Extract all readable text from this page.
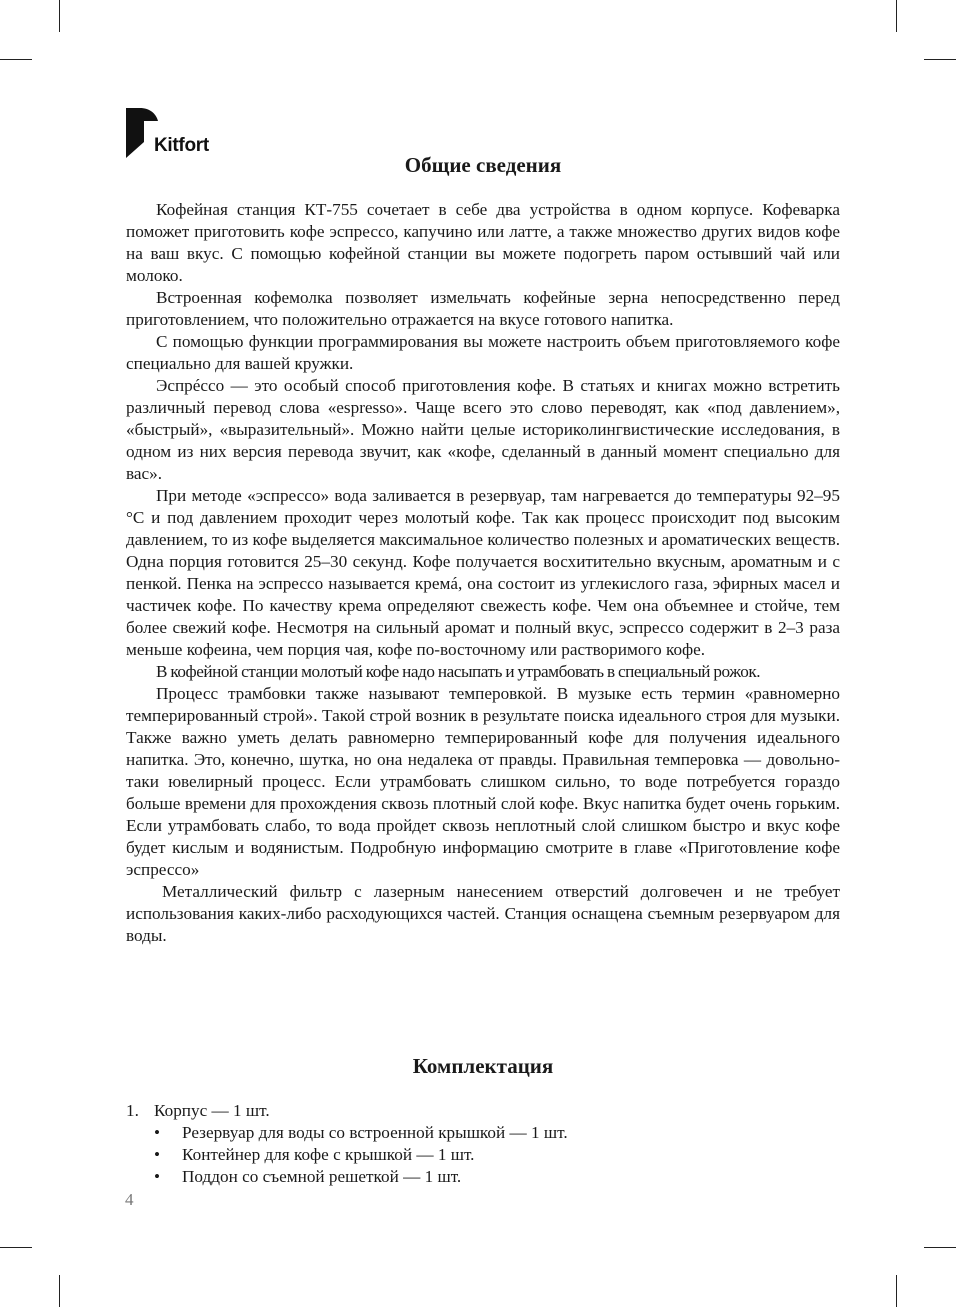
Kitfort
Общие сведения

Кофейная станция КТ-755 сочетает в себе два устройства в одном корпусе. Кофеварка поможет приготовить кофе эспрессо, капучино или латте, а также множество других видов кофе на ваш вкус. С помощью кофейной станции вы можете подогреть паром остывший чай или молоко.

Встроенная кофемолка позволяет измельчать кофейные зерна непосредственно перед приготовлением, что положительно отражается на вкусе готового напитка.

С помощью функции программирования вы можете настроить объем приготовляемого кофе специально для вашей кружки.

Эспрéссо — это особый способ приготовления кофе. В статьях и книгах можно встретить различный перевод слова «espresso». Чаще всего это слово переводят, как «под давлением», «быстрый», «выразительный». Можно найти целые историколингвистические исследования, в одном из них версия перевода звучит, как «кофе, сделанный в данный момент специально для вас».

При методе «эспрессо» вода заливается в резервуар, там нагревается до температуры 92–95 °С и под давлением проходит через молотый кофе. Так как процесс происходит под высоким давлением, то из кофе выделяется максимальное количество полезных и ароматических веществ. Одна порция готовится 25–30 секунд. Кофе получается восхитительно вкусным, ароматным и с пенкой. Пенка на эспрессо называется кремá, она состоит из углекислого газа, эфирных масел и частичек кофе. По качеству крема определяют свежесть кофе. Чем она объемнее и стойче, тем более свежий кофе. Несмотря на сильный аромат и полный вкус, эспрессо содержит в 2–3 раза меньше кофеина, чем порция чая, кофе по-восточному или растворимого кофе.

В кофейной станции молотый кофе надо насыпать и утрамбовать в специальный рожок.

Процесс трамбовки также называют темперовкой. В музыке есть термин «равномерно темперированный строй». Такой строй возник в результате поиска идеального строя для музыки. Также важно уметь делать равномерно темперированный кофе для получения идеального напитка. Это, конечно, шутка, но она недалека от правды. Правильная темперовка — довольно-таки ювелирный процесс. Если утрамбовать слишком сильно, то воде потребуется гораздо больше времени для прохождения сквозь плотный слой кофе. Вкус напитка будет очень горьким. Если утрамбовать слабо, то вода пройдет сквозь неплотный слой слишком быстро и вкус кофе будет кислым и водянистым. Подробную информацию смотрите в главе «Приготовление кофе эспрессо»

Металлический фильтр с лазерным нанесением отверстий долговечен и не требует использования каких-либо расходующихся частей. Станция оснащена съемным резервуаром для воды.

Комплектация
1. Корпус — 1 шт.
• Резервуар для воды со встроенной крышкой — 1 шт.
• Контейнер для кофе с крышкой — 1 шт.
• Поддон со съемной решеткой — 1 шт.
4
